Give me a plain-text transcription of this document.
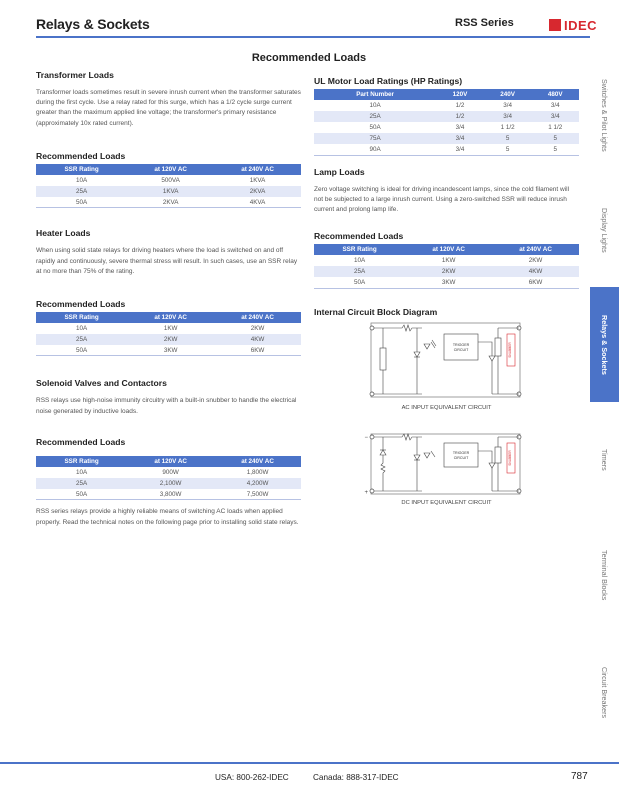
Relays & Sockets	RSS Series	IDEC
Recommended Loads
Transformer Loads

Transformer loads sometimes result in severe inrush current when the transformer saturates during the first cycle. Use a relay rated for this surge, which has a 1/2 cycle surge current greater than the maximum applied line voltage; the transformer's primary resistance (approximately 10x rated current).

Recommended Loads
SSR Rating	at 120V AC	at 240V AC
10A	500VA	1KVA
25A	1KVA	2KVA
50A	2KVA	4KVA
Heater Loads

When using solid state relays for driving heaters where the load is switched on and off rapidly and continuously, severe thermal stress will result. In such cases, use an SSR relay at no more than 75% of the rating.

Recommended Loads
SSR Rating	at 120V AC	at 240V AC
10A	1KW	2KW
25A	2KW	4KW
50A	3KW	6KW
Solenoid Valves and Contactors

RSS relays use high-noise immunity circuitry with a built-in snubber to handle the electrical noise generated by inductive loads.

Recommended Loads
SSR Rating	at 120V AC	at 240V AC
10A	900W	1,800W
25A	2,100W	4,200W
50A	3,800W	7,500W

RSS series relays provide a highly reliable means of switching AC loads when applied properly. Read the technical notes on the following page prior to installing solid state relays.

UL Motor Load Ratings (HP Ratings)
Part Number	120V	240V	480V
10A	1/2	3/4	3/4
25A	1/2	3/4	3/4
50A	3/4	1 1/2	1 1/2
75A	3/4	5	5
90A	3/4	5	5
Lamp Loads

Zero voltage switching is ideal for driving incandescent lamps, since the cold filament will not be subjected to a large inrush current. Using a zero-switched SSR will reduce inrush current and prolong lamp life.

Recommended Loads
SSR Rating	at 120V AC	at 240V AC
10A	1KW	2KW
25A	2KW	4KW
50A	3KW	6KW
Internal Circuit Block Diagram
TRIGGER
CIRCUIT	SNUBBER
AC INPUT EQUIVALENT CIRCUIT
−
+
TRIGGER
CIRCUIT	SNUBBER
DC INPUT EQUIVALENT CIRCUIT
Switches & Pilot Lights
Display Lights
Relays & Sockets
Timers
Terminal Blocks
Circuit Breakers
USA: 800-262-IDEC	Canada: 888-317-IDEC	787
